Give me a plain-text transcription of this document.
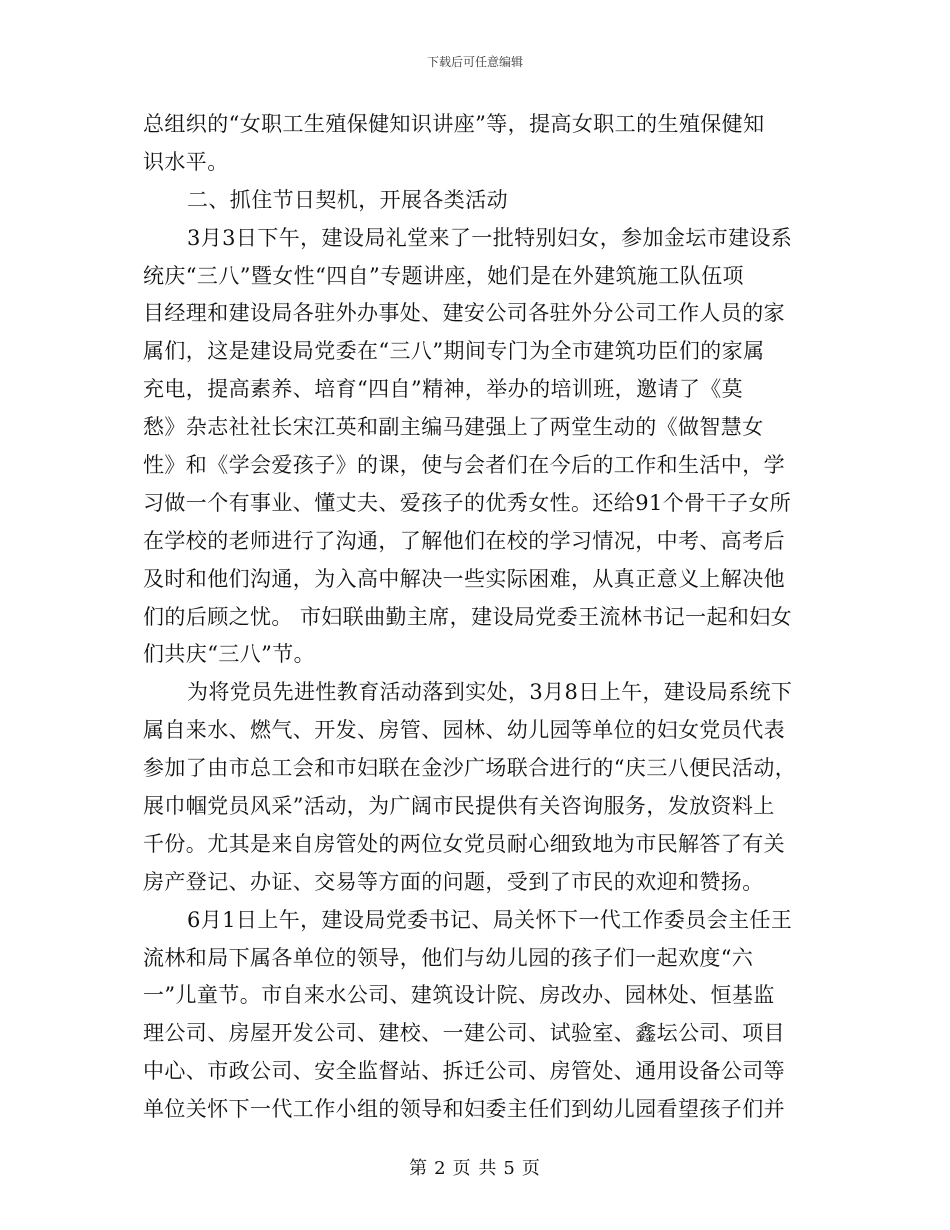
下载后可任意编辑
总组织的“女职工生殖保健知识讲座”等，提高女职工的生殖保健知
识水平。
二、抓住节日契机，开展各类活动
3月3日下午，建设局礼堂来了一批特别妇女，参加金坛市建设系
统庆“三八”暨女性“四自”专题讲座，她们是在外建筑施工队伍项
目经理和建设局各驻外办事处、建安公司各驻外分公司工作人员的家
属们，这是建设局党委在“三八”期间专门为全市建筑功臣们的家属
充电，提高素养、培育“四自”精神，举办的培训班，邀请了《莫
愁》杂志社社长宋江英和副主编马建强上了两堂生动的《做智慧女
性》和《学会爱孩子》的课，使与会者们在今后的工作和生活中，学
习做一个有事业、懂丈夫、爱孩子的优秀女性。还给91个骨干子女所
在学校的老师进行了沟通，了解他们在校的学习情况，中考、高考后
及时和他们沟通，为入高中解决一些实际困难，从真正意义上解决他
们的后顾之忧。 市妇联曲勤主席，建设局党委王流林书记一起和妇女
们共庆“三八”节。
为将党员先进性教育活动落到实处，3月8日上午，建设局系统下
属自来水、燃气、开发、房管、园林、幼儿园等单位的妇女党员代表
参加了由市总工会和市妇联在金沙广场联合进行的“庆三八便民活动，
展巾帼党员风采”活动，为广阔市民提供有关咨询服务，发放资料上
千份。尤其是来自房管处的两位女党员耐心细致地为市民解答了有关
房产登记、办证、交易等方面的问题，受到了市民的欢迎和赞扬。
6月1日上午，建设局党委书记、局关怀下一代工作委员会主任王
流林和局下属各单位的领导，他们与幼儿园的孩子们一起欢度“六
一”儿童节。市自来水公司、建筑设计院、房改办、园林处、恒基监
理公司、房屋开发公司、建校、一建公司、试验室、鑫坛公司、项目
中心、市政公司、安全监督站、拆迁公司、房管处、通用设备公司等
单位关怀下一代工作小组的领导和妇委主任们到幼儿园看望孩子们并
第 2 页 共 5 页
